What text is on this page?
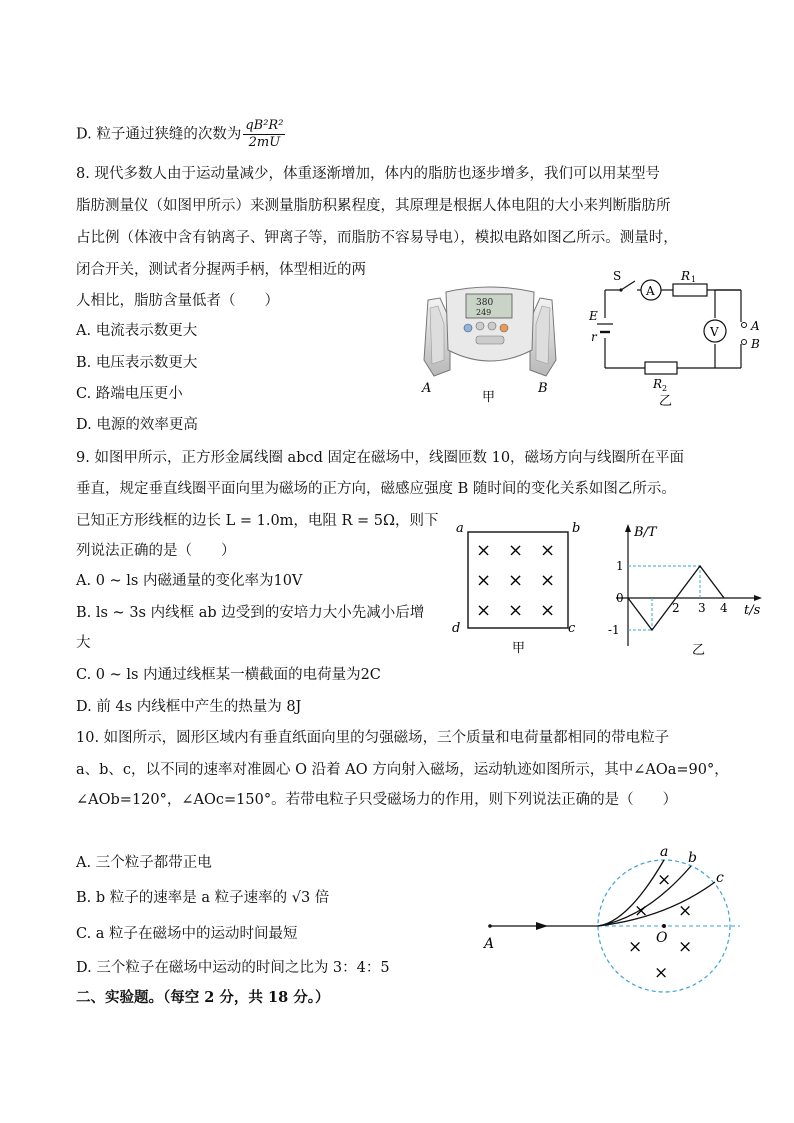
D. 粒子通过狭缝的次数为 $\frac{\text{qB²R²}}{2mU}$
8. 现代多数人由于运动量减少，体重逐渐增加，体内的脂肪也逐步增多，我们可以用某型号
脂肪测量仪（如图甲所示）来测量脂肪积累程度，其原理是根据人体电阻的大小来判断脂肪所
占比例（体液中含有钠离子、钾离子等，而脂肪不容易导电），模拟电路如图乙所示。测量时，
闭合开关，测试者分握两手柄，体型相近的两
人相比，脂肪含量低者（　　）
A. 电流表示数更大
B. 电压表示数更大
C. 路端电压更小
D. 电源的效率更高
380
249
A	B
甲
S
A
R 1
V
E
r
R 2
A
B
乙
9. 如图甲所示，正方形金属线圈 abcd 固定在磁场中，线圈匝数 10，磁场方向与线圈所在平面
垂直，规定垂直线圈平面向里为磁场的正方向，磁感应强度 B 随时间的变化关系如图乙所示。
已知正方形线框的边长 L = 1.0m，电阻 R = 5Ω，则下
列说法正确的是（　　）
A. 0 ~ ls 内磁通量的变化率为10V
B. ls ~ 3s 内线框 ab 边受到的安培力大小先减小后增
大
C. 0 ~ ls 内通过线框某一横截面的电荷量为2C
D. 前 4s 内线框中产生的热量为 8J
a	b
c
d
× × ×
× × ×
× × ×
甲
B/T
t/s
1
-1
0
2 3 4
乙
10. 如图所示，圆形区域内有垂直纸面向里的匀强磁场，三个质量和电荷量都相同的带电粒子
a、b、c，以不同的速率对准圆心 O 沿着 AO 方向射入磁场，运动轨迹如图所示，其中∠AOa=90°，
∠AOb=120°，∠AOc=150°。若带电粒子只受磁场力的作用，则下列说法正确的是（　　）
A. 三个粒子都带正电
B. b 粒子的速率是 a 粒子速率的 √3 倍
C. a 粒子在磁场中的运动时间最短
D. 三个粒子在磁场中运动的时间之比为 3：4：5
A	O
a b
c
×
× ×
× ×
×
二、实验题。（每空 2 分，共 18 分。）
